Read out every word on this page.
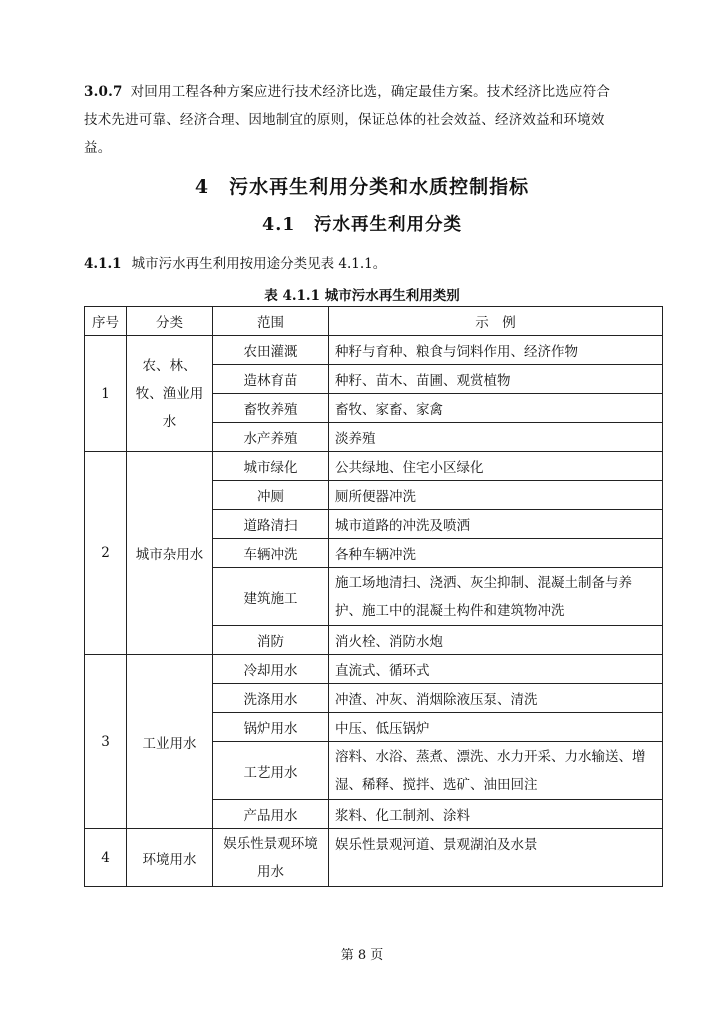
3.0.7 对回用工程各种方案应进行技术经济比选，确定最佳方案。技术经济比选应符合
技术先进可靠、经济合理、因地制宜的原则，保证总体的社会效益、经济效益和环境效
益。
4　污水再生利用分类和水质控制指标
4.1　污水再生利用分类
4.1.1 城市污水再生利用按用途分类见表 4.1.1。
表 4.1.1 城市污水再生利用类别
序号	分类	范围	示　例
1	农、林、牧、渔业用水	农田灌溉	种籽与育种、粮食与饲料作用、经济作物
		造林育苗	种籽、苗木、苗圃、观赏植物
		畜牧养殖	畜牧、家畜、家禽
		水产养殖	淡养殖
2	城市杂用水	城市绿化	公共绿地、住宅小区绿化
		冲厕	厕所便器冲洗
		道路清扫	城市道路的冲洗及喷洒
		车辆冲洗	各种车辆冲洗
		建筑施工	施工场地清扫、浇洒、灰尘抑制、混凝土制备与养护、施工中的混凝土构件和建筑物冲洗
		消防	消火栓、消防水炮
3	工业用水	冷却用水	直流式、循环式
		洗涤用水	冲渣、冲灰、消烟除液压泵、清洗
		锅炉用水	中压、低压锅炉
		工艺用水	溶料、水浴、蒸煮、漂洗、水力开采、力水输送、增湿、稀释、搅拌、选矿、油田回注
		产品用水	浆料、化工制剂、涂料
4	环境用水	娱乐性景观环境用水	娱乐性景观河道、景观湖泊及水景
第 8 页
